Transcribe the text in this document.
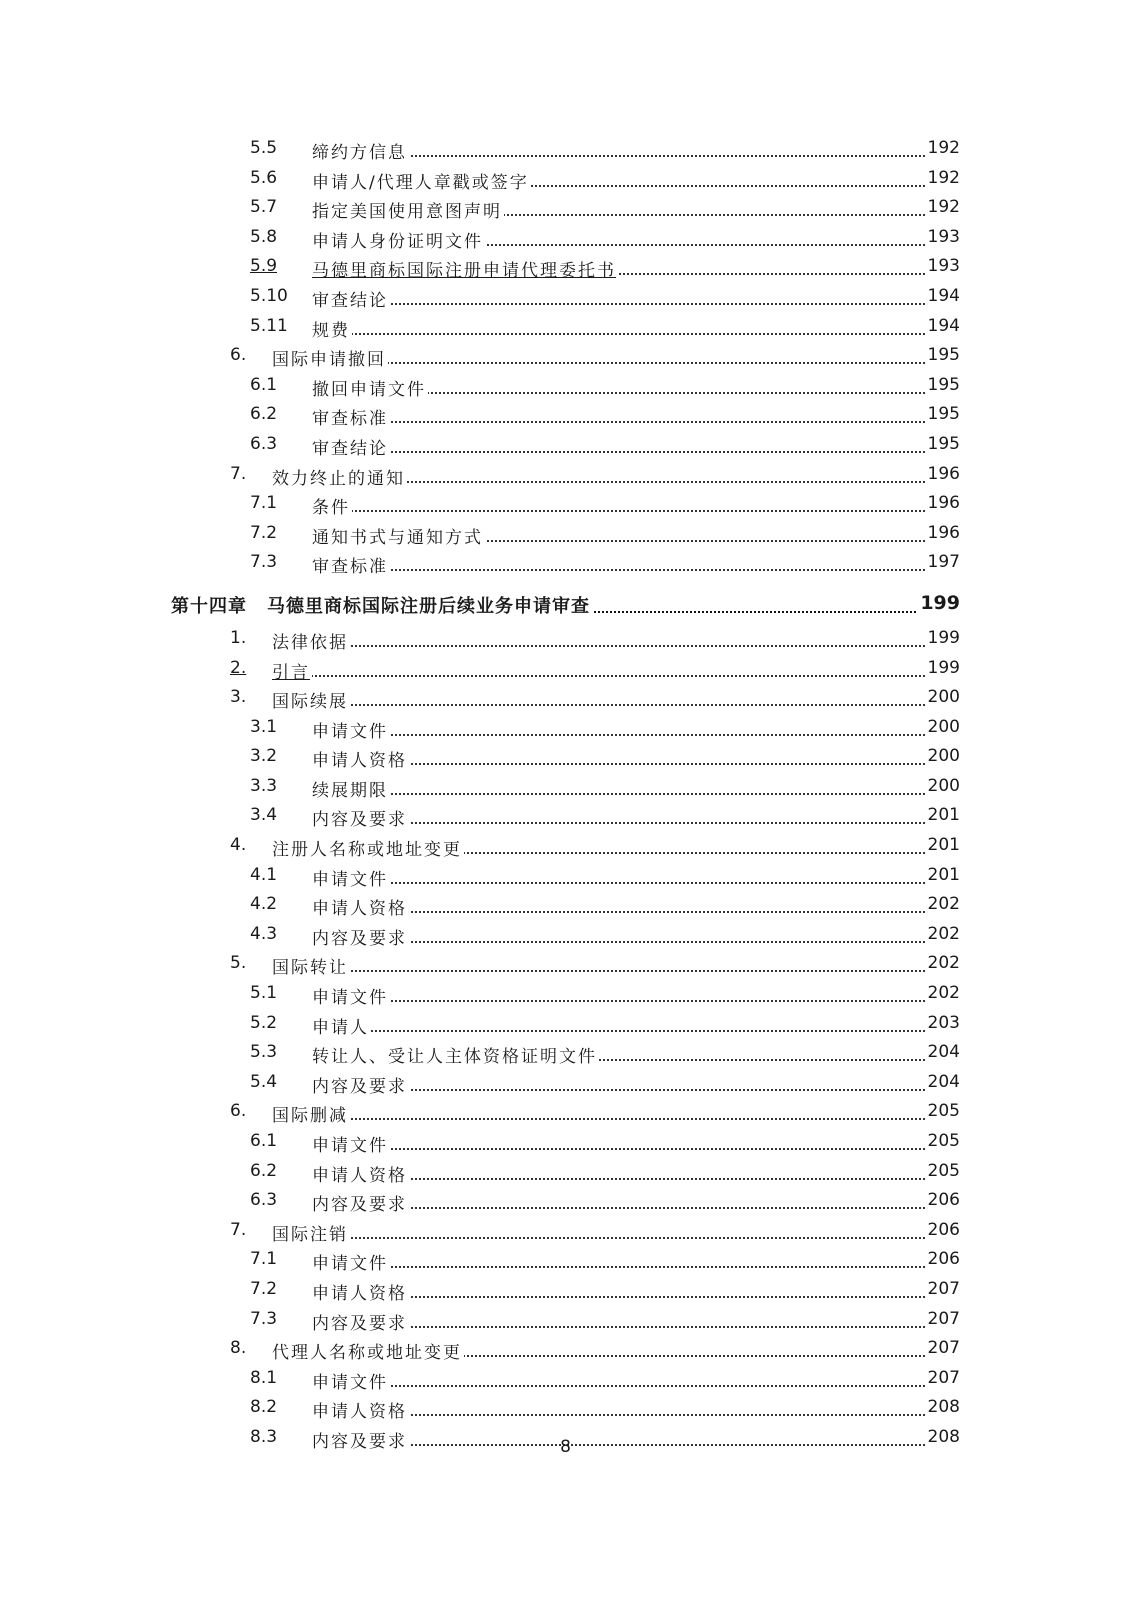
5.5 缔约方信息	192
5.6 申请人/代理人章戳或签字	192
5.7 指定美国使用意图声明	192
5.8 申请人身份证明文件	193
5.9 马德里商标国际注册申请代理委托书	193
5.10 审查结论	194
5.11 规费	194
6. 国际申请撤回	195
6.1 撤回申请文件	195
6.2 审查标准	195
6.3 审查结论	195
7. 效力终止的通知	196
7.1 条件	196
7.2 通知书式与通知方式	196
7.3 审查标准	197
第十四章 马德里商标国际注册后续业务申请审查	199
1. 法律依据	199
2. 引言	199
3. 国际续展	200
3.1 申请文件	200
3.2 申请人资格	200
3.3 续展期限	200
3.4 内容及要求	201
4. 注册人名称或地址变更	201
4.1 申请文件	201
4.2 申请人资格	202
4.3 内容及要求	202
5. 国际转让	202
5.1 申请文件	202
5.2 申请人	203
5.3 转让人、受让人主体资格证明文件	204
5.4 内容及要求	204
6. 国际删减	205
6.1 申请文件	205
6.2 申请人资格	205
6.3 内容及要求	206
7. 国际注销	206
7.1 申请文件	206
7.2 申请人资格	207
7.3 内容及要求	207
8. 代理人名称或地址变更	207
8.1 申请文件	207
8.2 申请人资格	208
8.3 内容及要求	208
8
